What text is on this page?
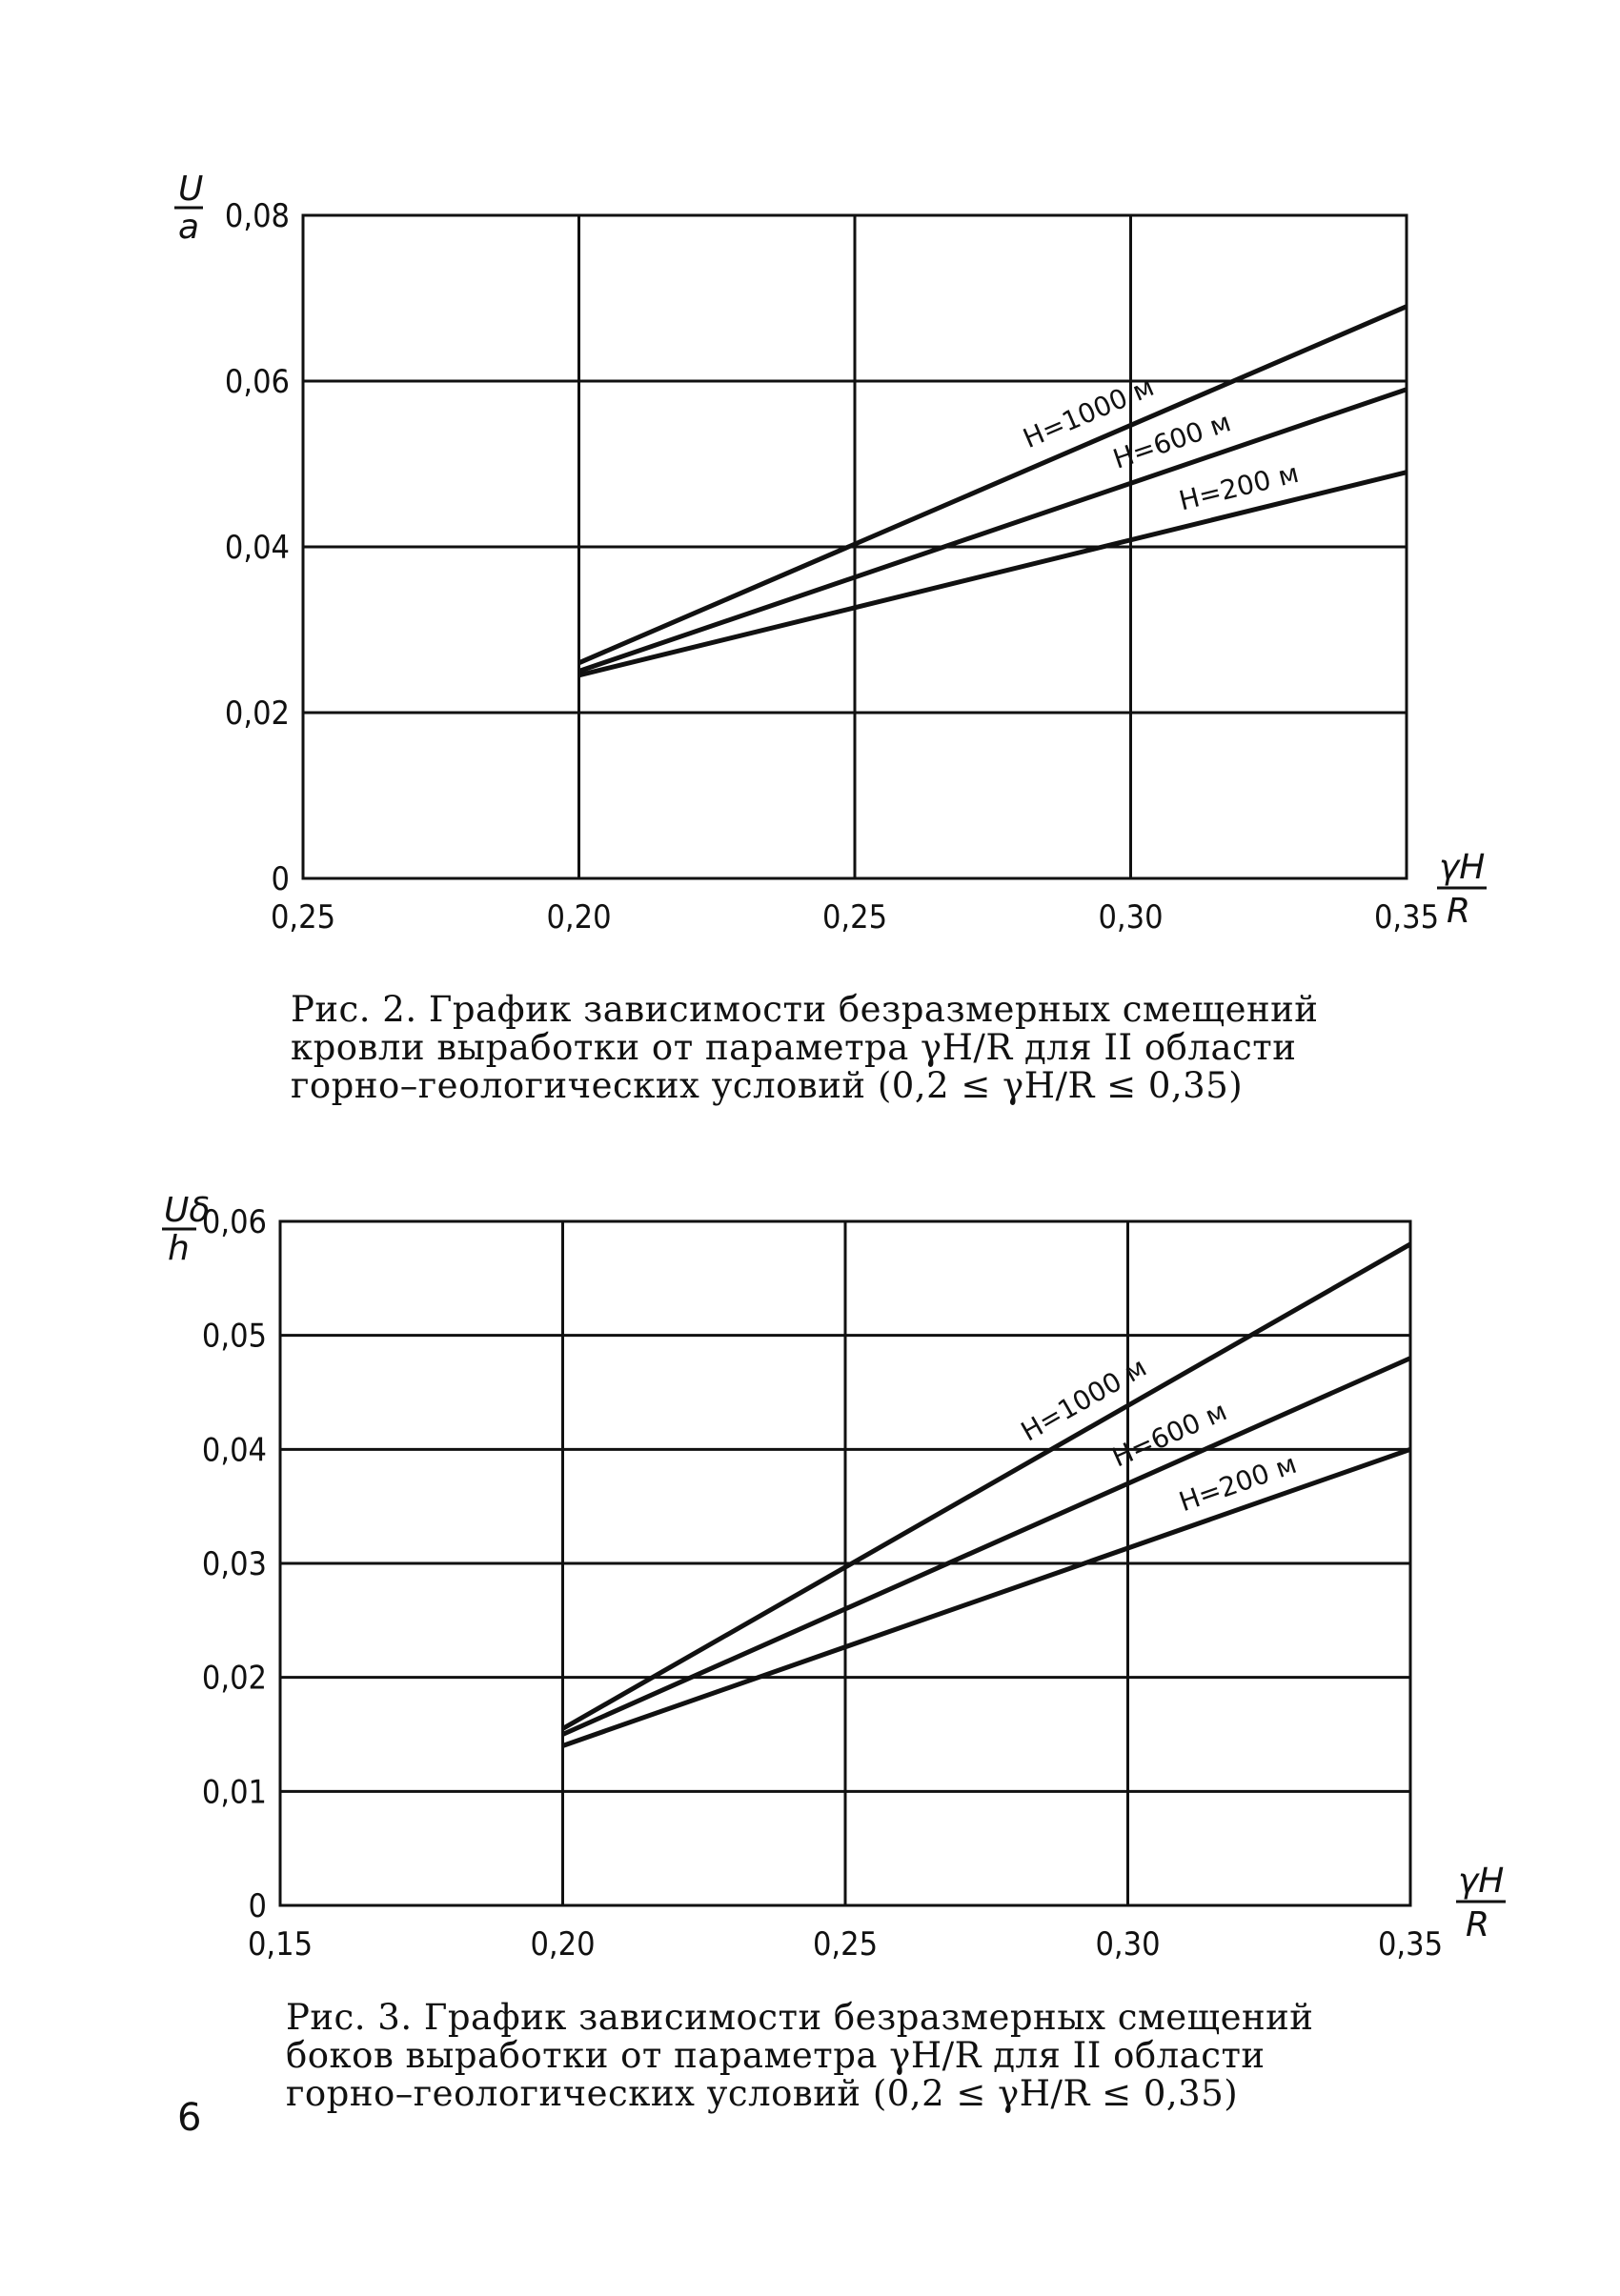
0
0,02
0,04
0,06
0,08
0,25	0,20	0,25	0,30	0,35
H=1000 м
H=600 м
H=200 м
0
0,01
0,02
0,03
0,04
0,05
0,06
0,15	0,20	0,25	0,30	0,35
H=1000 м
H=600 м
H=200 м
U
a
γH
R
Uδ
h
γH
R
Рис. 2. График зависимости безразмерных смещений
кровли выработки от параметра γH/R для II области
горно–геологических условий (0,2 ≤ γH/R ≤ 0,35)
Рис. 3. График зависимости безразмерных смещений
боков выработки от параметра γH/R для II области
горно–геологических условий (0,2 ≤ γH/R ≤ 0,35)
6
